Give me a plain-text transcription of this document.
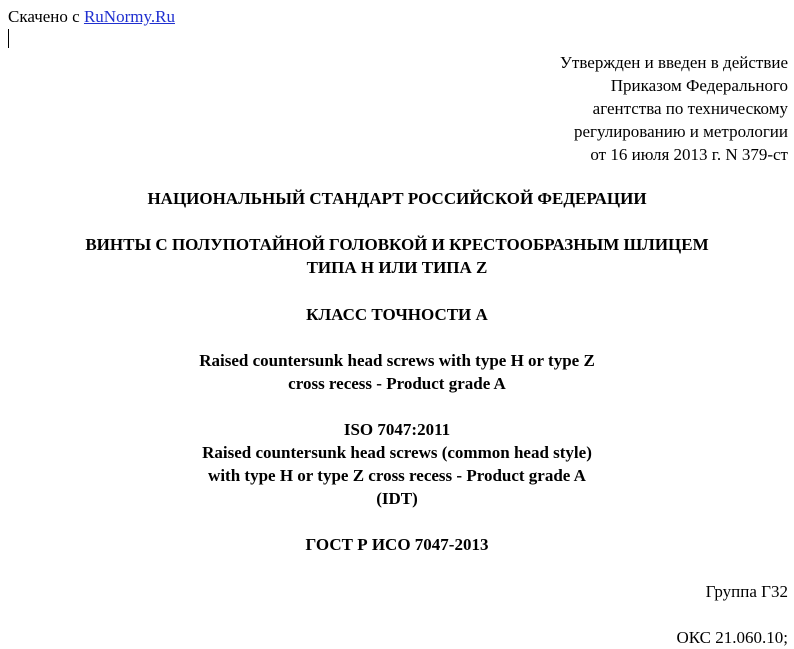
Скачено с RuNormy.Ru
Утвержден и введен в действие
Приказом Федерального
агентства по техническому
регулированию и метрологии
от 16 июля 2013 г. N 379-ст
НАЦИОНАЛЬНЫЙ СТАНДАРТ РОССИЙСКОЙ ФЕДЕРАЦИИ
ВИНТЫ С ПОЛУПОТАЙНОЙ ГОЛОВКОЙ И КРЕСТООБРАЗНЫМ ШЛИЦЕМ
ТИПА H ИЛИ ТИПА Z
КЛАСС ТОЧНОСТИ А
Raised countersunk head screws with type H or type Z
cross recess - Product grade A
ISO 7047:2011
Raised countersunk head screws (common head style)
with type H or type Z cross recess - Product grade A
(IDT)
ГОСТ Р ИСО 7047-2013
Группа Г32
ОКС 21.060.10;
